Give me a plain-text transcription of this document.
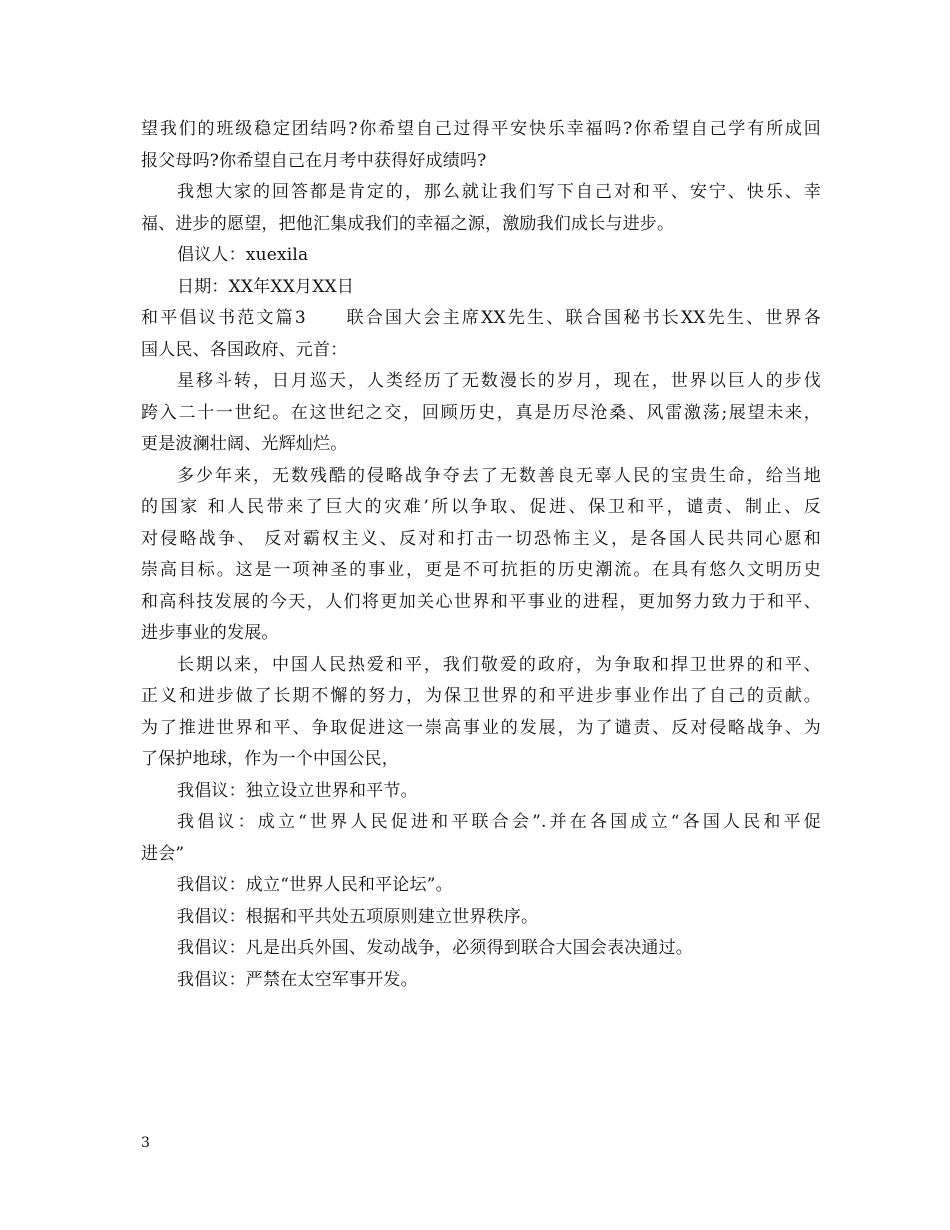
望我们的班级稳定团结吗?你希望自己过得平安快乐幸福吗?你希望自己学有所成回
报父母吗?你希望自己在月考中获得好成绩吗?
我想大家的回答都是肯定的，那么就让我们写下自己对和平、安宁、快乐、幸
福、进步的愿望，把他汇集成我们的幸福之源，激励我们成长与进步。
倡议人：xuexila
日期：XX年XX月XX日
和平倡议书范文篇3　　联合国大会主席XX先生、联合国秘书长XX先生、世界各
国人民、各国政府、元首：
星移斗转，日月巡天，人类经历了无数漫长的岁月，现在，世界以巨人的步伐
跨入二十一世纪。在这世纪之交，回顾历史，真是历尽沧桑、风雷激荡;展望未来，
更是波澜壮阔、光辉灿烂。
多少年来，无数残酷的侵略战争夺去了无数善良无辜人民的宝贵生命，给当地
的国家 和人民带来了巨大的灾难’所以争取、促进、保卫和平，谴责、制止、反
对侵略战争、 反对霸权主义、反对和打击一切恐怖主义，是各国人民共同心愿和
崇高目标。这是一项神圣的事业，更是不可抗拒的历史潮流。在具有悠久文明历史
和高科技发展的今天，人们将更加关心世界和平事业的进程，更加努力致力于和平、
进步事业的发展。
长期以来，中国人民热爱和平，我们敬爱的政府，为争取和捍卫世界的和平、
正义和进步做了长期不懈的努力，为保卫世界的和平进步事业作出了自己的贡献。
为了推进世界和平、争取促进这一崇高事业的发展，为了谴责、反对侵略战争、为
了保护地球，作为一个中国公民，
我倡议：独立设立世界和平节。
我倡议：成立“世界人民促进和平联合会”.并在各国成立“各国人民和平促
进会”
我倡议：成立“世界人民和平论坛”。
我倡议：根据和平共处五项原则建立世界秩序。
我倡议：凡是出兵外国、发动战争，必须得到联合大国会表决通过。
我倡议：严禁在太空军事开发。
3
